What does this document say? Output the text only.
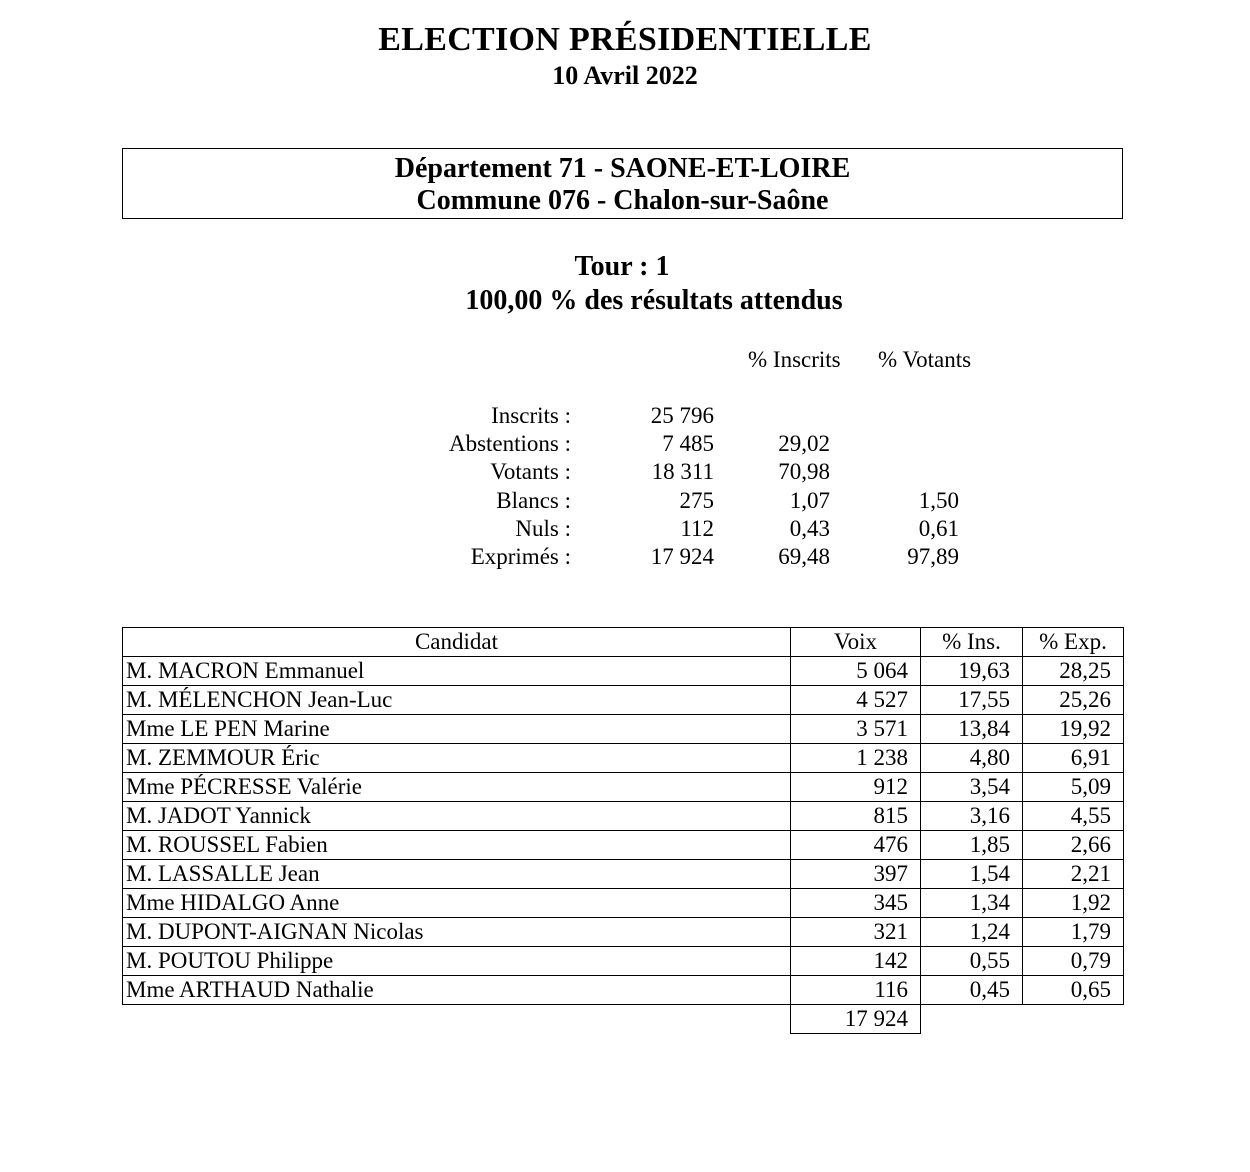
ELECTION PRÉSIDENTIELLE
10 Avril 2022
Département 71 - SAONE-ET-LOIRE
Commune 076 - Chalon-sur-Saône
Tour : 1
100,00 % des résultats attendus
% Inscrits % Votants
Inscrits :	25 796
Abstentions :	7 485	29,02
Votants :	18 311	70,98
Blancs :	275	1,07	1,50
Nuls :	112	0,43	0,61
Exprimés :	17 924	69,48	97,89
Candidat	Voix	% Ins.	% Exp.
M. MACRON Emmanuel	5 064	19,63	28,25
M. MÉLENCHON Jean-Luc	4 527	17,55	25,26
Mme LE PEN Marine	3 571	13,84	19,92
M. ZEMMOUR Éric	1 238	4,80	6,91
Mme PÉCRESSE Valérie	912	3,54	5,09
M. JADOT Yannick	815	3,16	4,55
M. ROUSSEL Fabien	476	1,85	2,66
M. LASSALLE Jean	397	1,54	2,21
Mme HIDALGO Anne	345	1,34	1,92
M. DUPONT-AIGNAN Nicolas	321	1,24	1,79
M. POUTOU Philippe	142	0,55	0,79
Mme ARTHAUD Nathalie	116	0,45	0,65
	17 924		
